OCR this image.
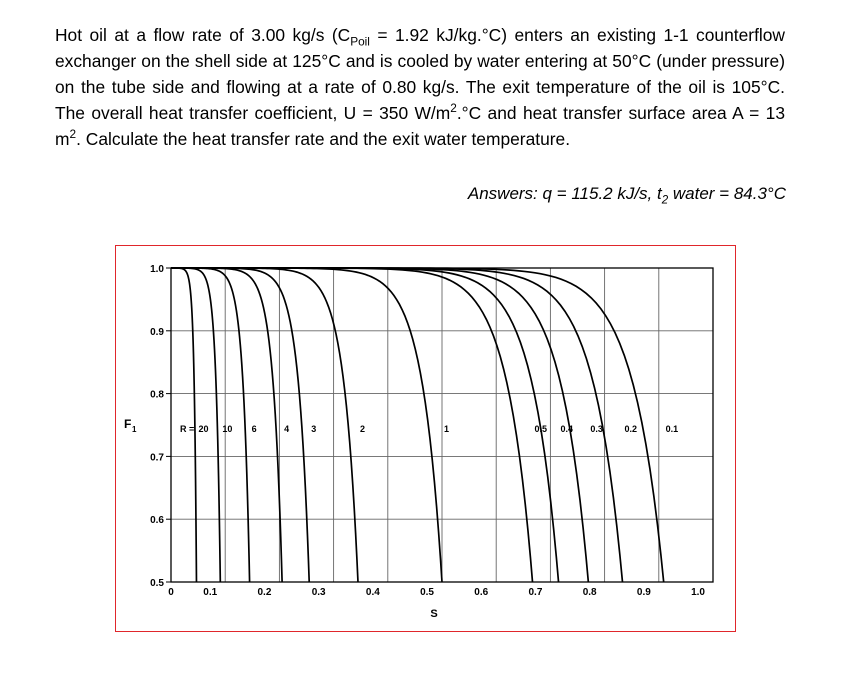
Hot oil at a flow rate of 3.00 kg/s ($C_{Poil} = 1.92$ kJ/kg.°C) enters an existing 1-1 counterflow exchanger on the shell side at 125°C and is cooled by water entering at 50°C (under pressure) on the tube side and flowing at a rate of 0.80 kg/s. The exit temperature of the oil is 105°C. The overall heat transfer coefficient, U = 350 $W/m^2.^\circ C$ and heat transfer surface area A = 13 $m^2$. Calculate the heat transfer rate and the exit water temperature.

Answers: q = 115.2 kJ/s, $t_2$ water = 84.3°C

0.5
0.6
0.7
0.8
0.9
1.0
0	0.1	0.2	0.3	0.4	0.5	0.6	0.7	0.8	0.9	1.0
S
F 1	20 10 6	4 3	2	1	0.5 0.4 0.3 0.2	0.1
R =
